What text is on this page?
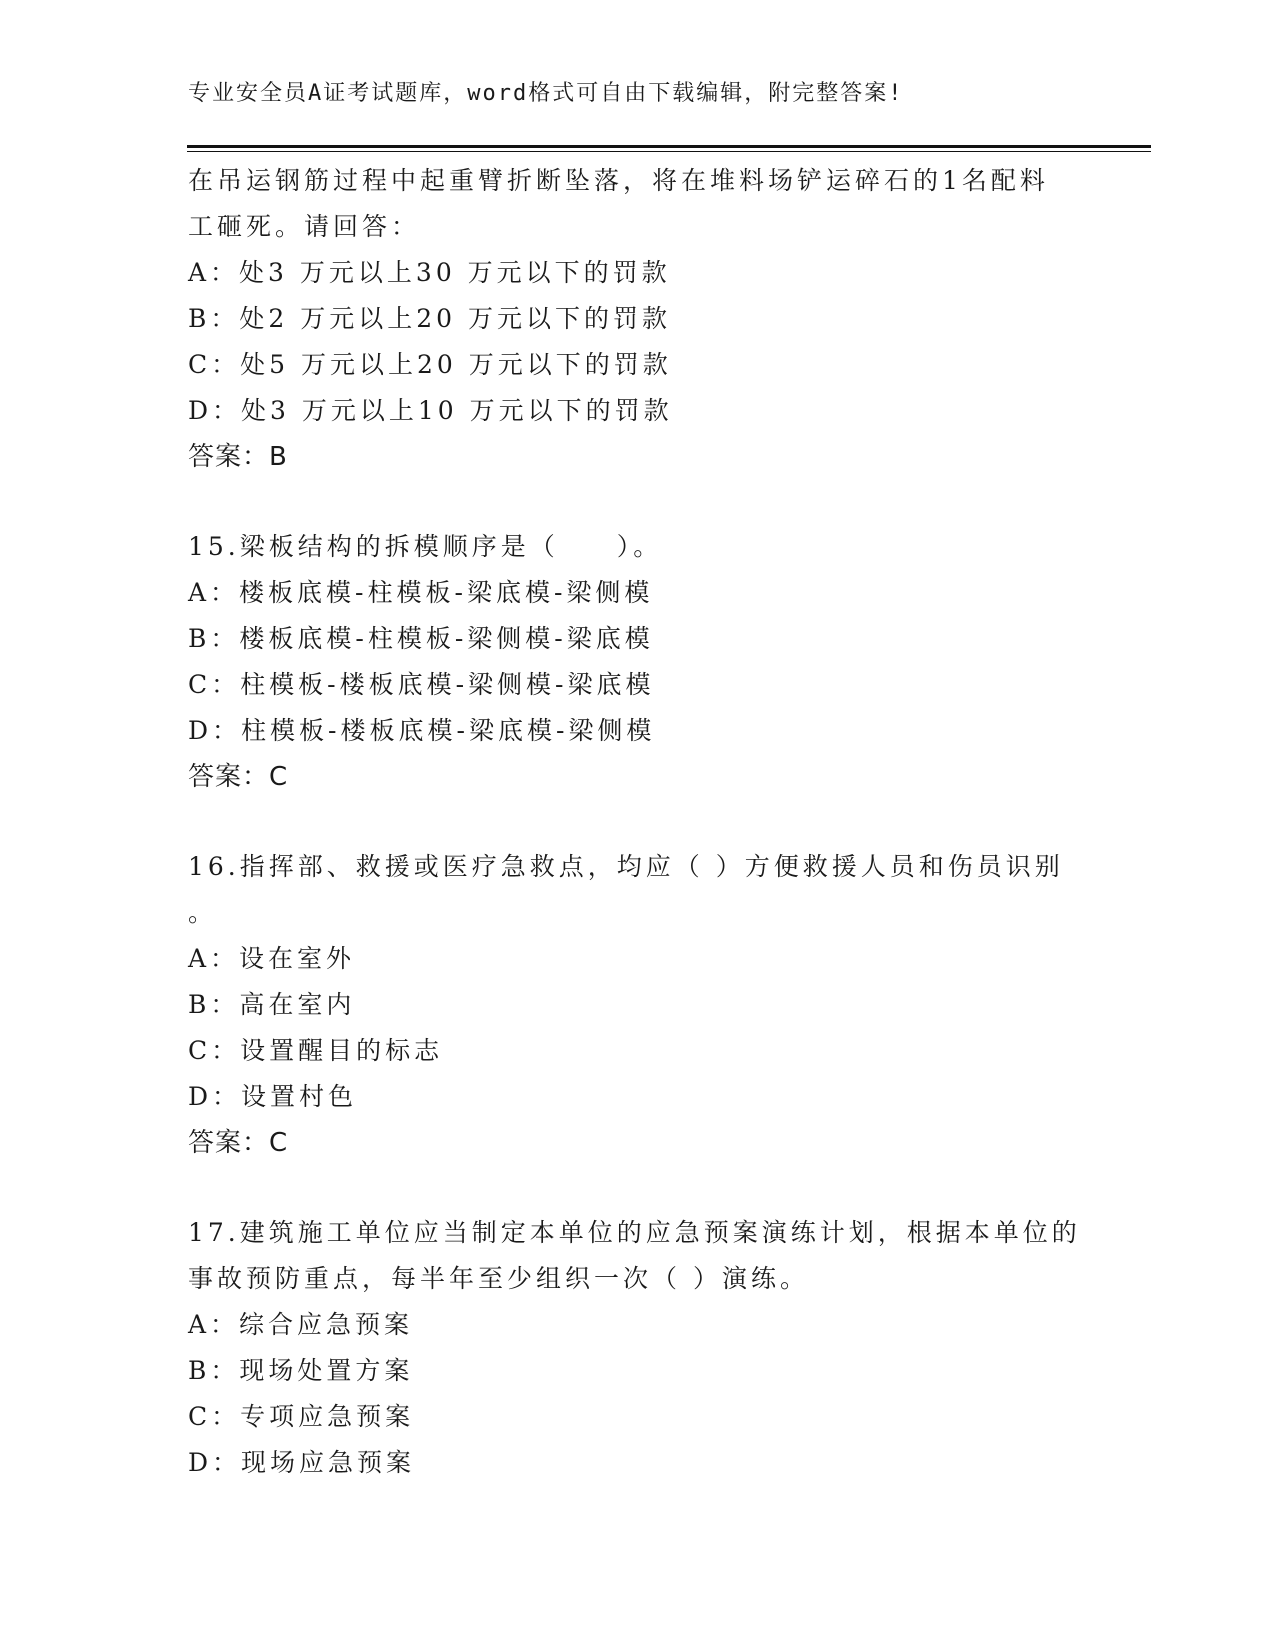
专业安全员A证考试题库，word格式可自由下载编辑，附完整答案!
在吊运钢筋过程中起重臂折断坠落，将在堆料场铲运碎石的1名配料
工砸死。请回答：
A：处3 万元以上30 万元以下的罚款
B：处2 万元以上20 万元以下的罚款
C：处5 万元以上20 万元以下的罚款
D：处3 万元以上10 万元以下的罚款
答案：B
15.梁板结构的拆模顺序是（　　）。
A：楼板底模-柱模板-梁底模-梁侧模
B：楼板底模-柱模板-梁侧模-梁底模
C：柱模板-楼板底模-梁侧模-梁底模
D：柱模板-楼板底模-梁底模-梁侧模
答案：C
16.指挥部、救援或医疗急救点，均应（ ）方便救援人员和伤员识别
。
A：设在室外
B：高在室内
C：设置醒目的标志
D：设置村色
答案：C
17.建筑施工单位应当制定本单位的应急预案演练计划，根据本单位的
事故预防重点，每半年至少组织一次（ ）演练。
A：综合应急预案
B：现场处置方案
C：专项应急预案
D：现场应急预案
